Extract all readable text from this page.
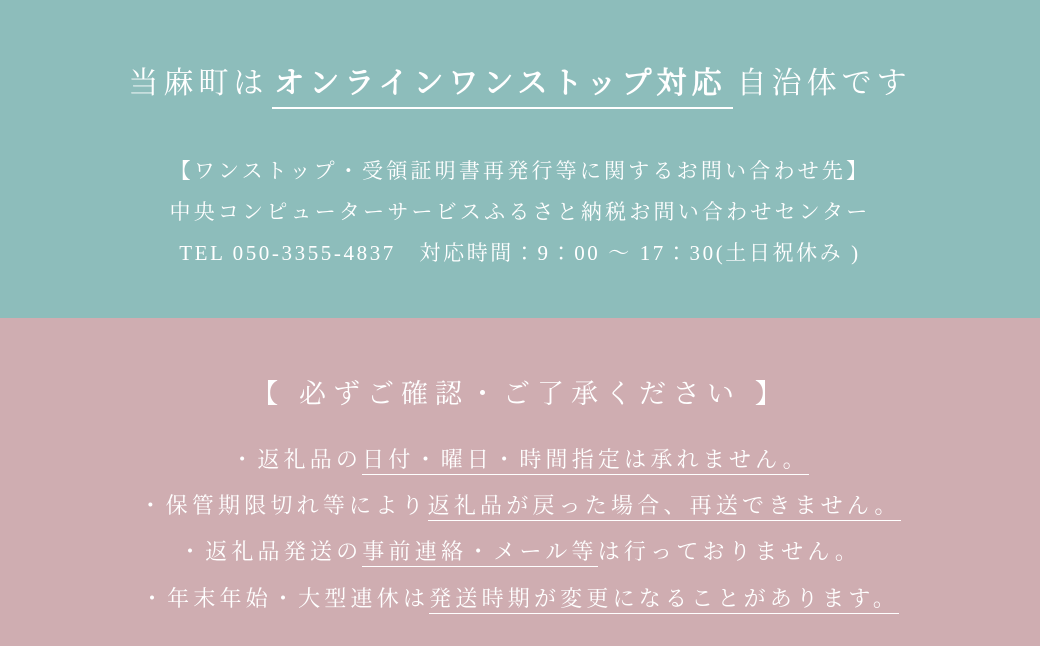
当麻町は オンラインワンストップ対応 自治体です
【ワンストップ・受領証明書再発行等に関するお問い合わせ先】
中央コンピューターサービスふるさと納税お問い合わせセンター
TEL 050-3355-4837　対応時間：9：00 〜 17：30(土日祝休み )
【 必ずご確認・ご了承ください 】
・返礼品の日付・曜日・時間指定は承れません。
・保管期限切れ等により返礼品が戻った場合、再送できません。
・返礼品発送の事前連絡・メール等は行っておりません。
・年末年始・大型連休は発送時期が変更になることがあります。
